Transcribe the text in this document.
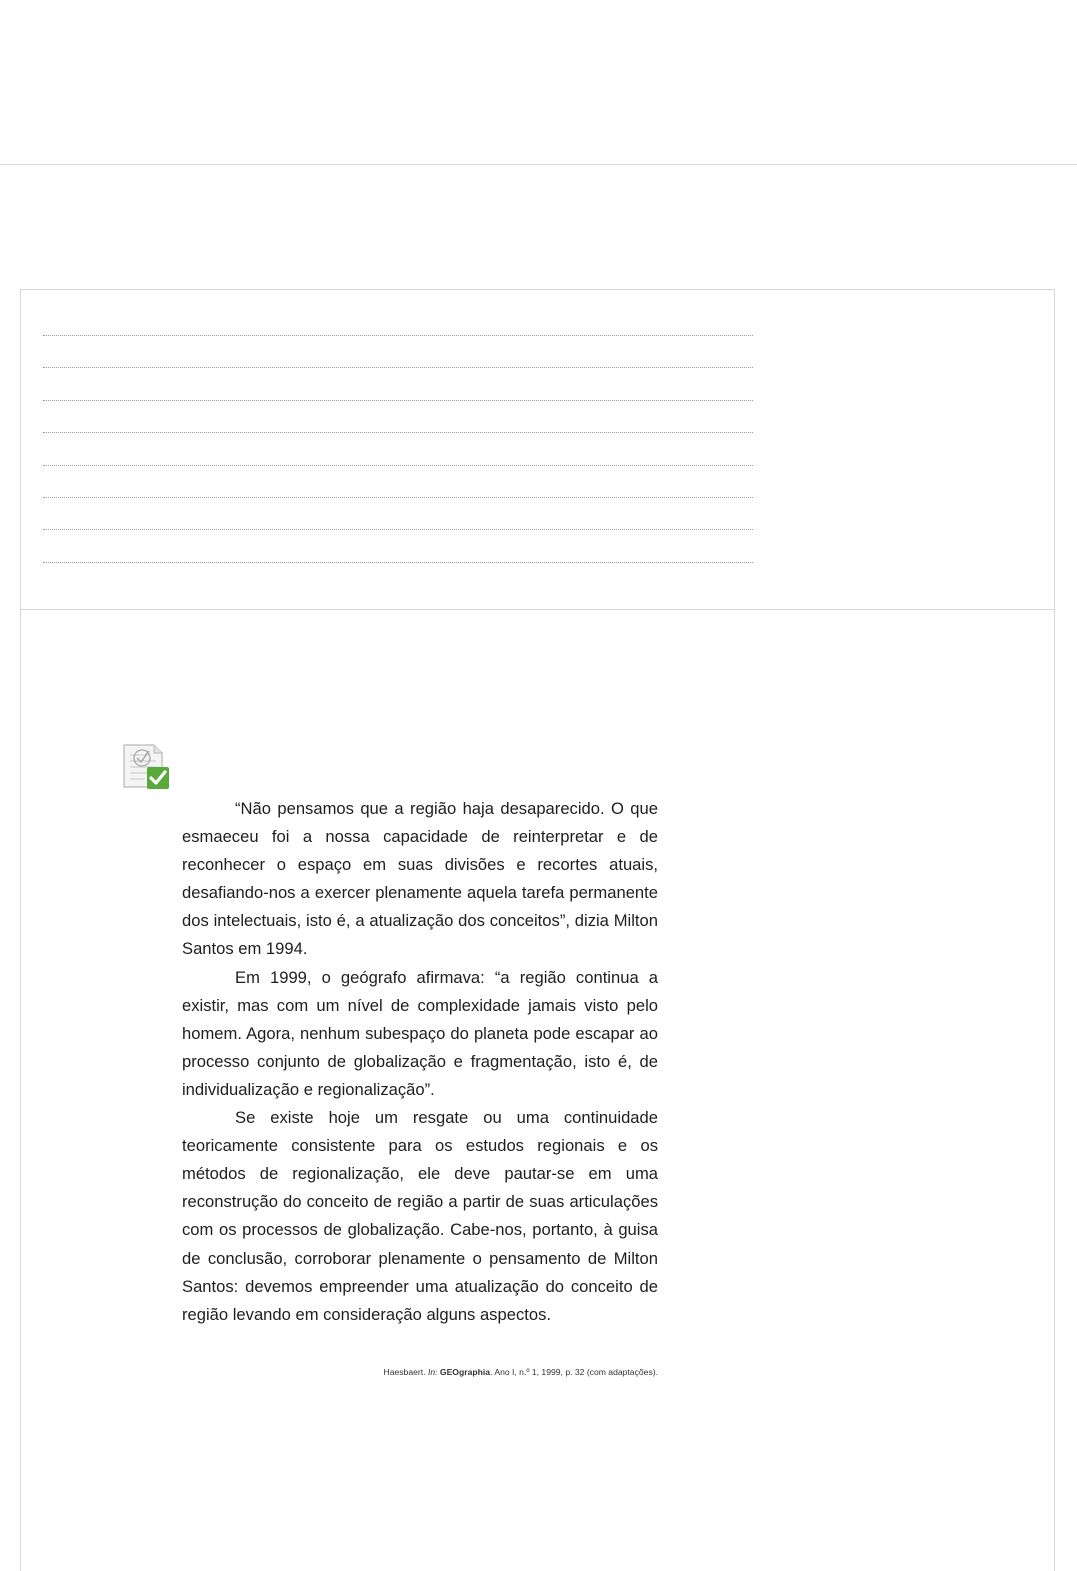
“Não pensamos que a região haja desaparecido. O que esmaeceu foi a nossa capacidade de reinterpretar e de reconhecer o espaço em suas divisões e recortes atuais, desafiando-nos a exercer plenamente aquela tarefa permanente dos intelectuais, isto é, a atualização dos conceitos”, dizia Milton Santos em 1994.

Em 1999, o geógrafo afirmava: “a região continua a existir, mas com um nível de complexidade jamais visto pelo homem. Agora, nenhum subespaço do planeta pode escapar ao processo conjunto de globalização e fragmentação, isto é, de individualização e regionalização”.

Se existe hoje um resgate ou uma continuidade teoricamente consistente para os estudos regionais e os métodos de regionalização, ele deve pautar-se em uma reconstrução do conceito de região a partir de suas articulações com os processos de globalização. Cabe-nos, portanto, à guisa de conclusão, corroborar plenamente o pensamento de Milton Santos: devemos empreender uma atualização do conceito de região levando em consideração alguns aspectos.

Haesbaert. In: GEOgraphia. Ano I, n.º 1, 1999, p. 32 (com adaptações).
